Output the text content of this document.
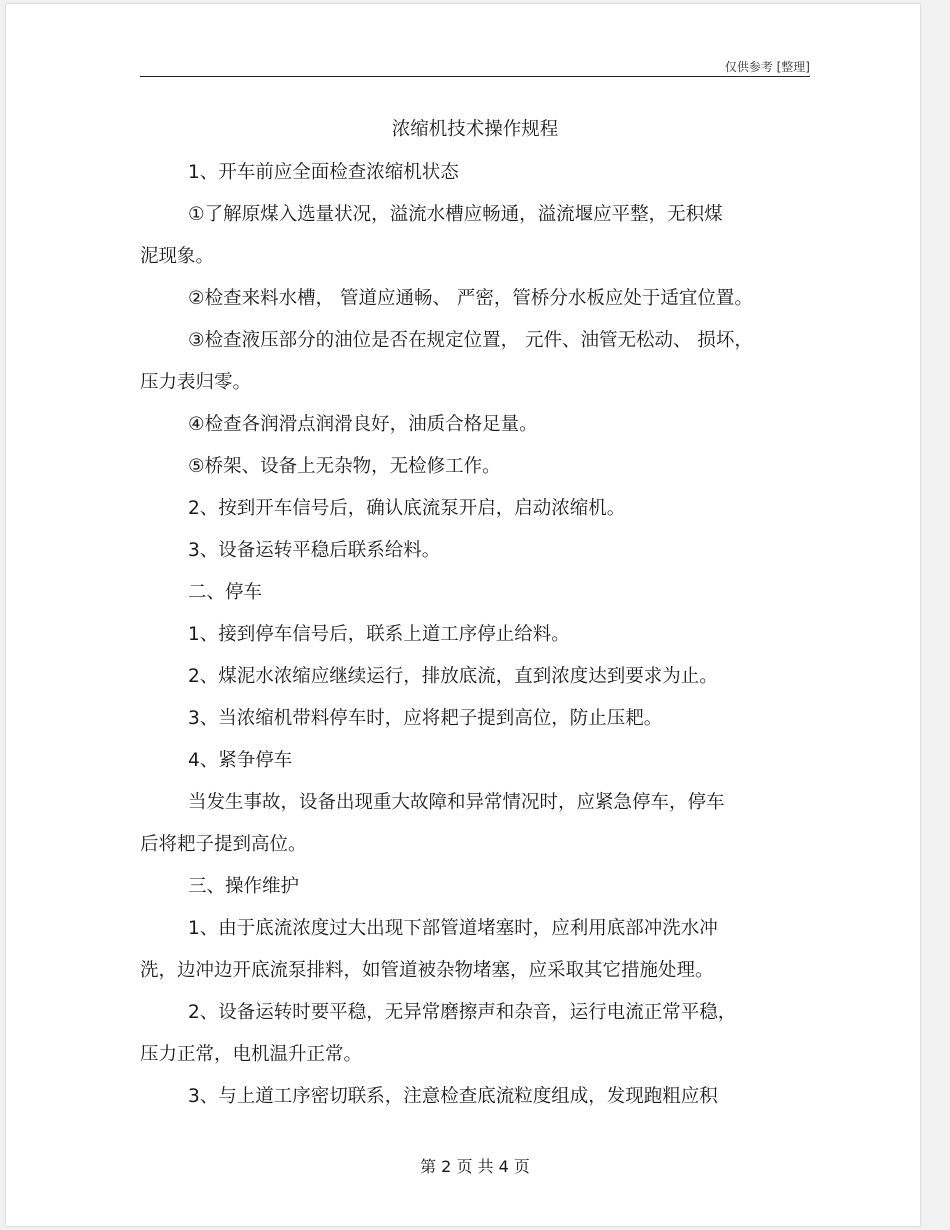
仅供参考 [整理]
浓缩机技术操作规程
1、开车前应全面检查浓缩机状态
①了解原煤入选量状况，溢流水槽应畅通，溢流堰应平整，无积煤
泥现象。
②检查来料水槽， 管道应通畅、 严密，管桥分水板应处于适宜位置。
③检查液压部分的油位是否在规定位置， 元件、油管无松动、 损坏，
压力表归零。
④检查各润滑点润滑良好，油质合格足量。
⑤桥架、设备上无杂物，无检修工作。
2、按到开车信号后，确认底流泵开启，启动浓缩机。
3、设备运转平稳后联系给料。
二、停车
1、接到停车信号后，联系上道工序停止给料。
2、煤泥水浓缩应继续运行，排放底流，直到浓度达到要求为止。
3、当浓缩机带料停车时，应将耙子提到高位，防止压耙。
4、紧争停车
当发生事故，设备出现重大故障和异常情况时，应紧急停车，停车
后将耙子提到高位。
三、操作维护
1、由于底流浓度过大出现下部管道堵塞时，应利用底部冲洗水冲
洗，边冲边开底流泵排料，如管道被杂物堵塞，应采取其它措施处理。
2、设备运转时要平稳，无异常磨擦声和杂音，运行电流正常平稳，
压力正常，电机温升正常。
3、与上道工序密切联系，注意检查底流粒度组成，发现跑粗应积
第 2 页 共 4 页
